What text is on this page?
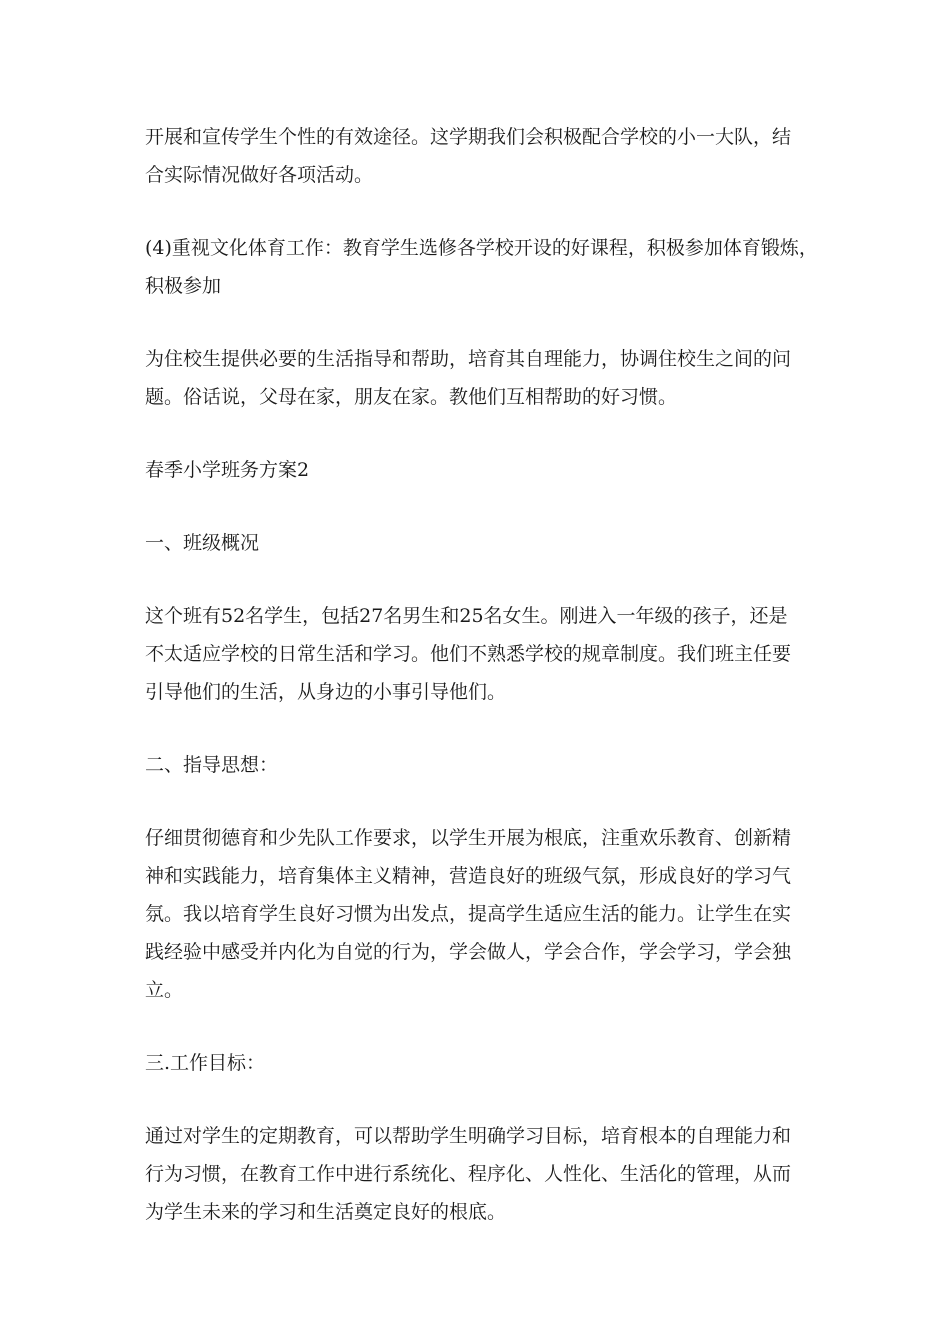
开展和宣传学生个性的有效途径。这学期我们会积极配合学校的小一大队，结
合实际情况做好各项活动。

(4)重视文化体育工作：教育学生选修各学校开设的好课程，积极参加体育锻炼，
积极参加

为住校生提供必要的生活指导和帮助，培育其自理能力，协调住校生之间的问
题。俗话说，父母在家，朋友在家。教他们互相帮助的好习惯。

春季小学班务方案2

一、班级概况

这个班有52名学生，包括27名男生和25名女生。刚进入一年级的孩子，还是
不太适应学校的日常生活和学习。他们不熟悉学校的规章制度。我们班主任要
引导他们的生活，从身边的小事引导他们。

二、指导思想：

仔细贯彻德育和少先队工作要求，以学生开展为根底，注重欢乐教育、创新精
神和实践能力，培育集体主义精神，营造良好的班级气氛，形成良好的学习气
氛。我以培育学生良好习惯为出发点，提高学生适应生活的能力。让学生在实
践经验中感受并内化为自觉的行为，学会做人，学会合作，学会学习，学会独
立。

三.工作目标：

通过对学生的定期教育，可以帮助学生明确学习目标，培育根本的自理能力和
行为习惯，在教育工作中进行系统化、程序化、人性化、生活化的管理，从而
为学生未来的学习和生活奠定良好的根底。
